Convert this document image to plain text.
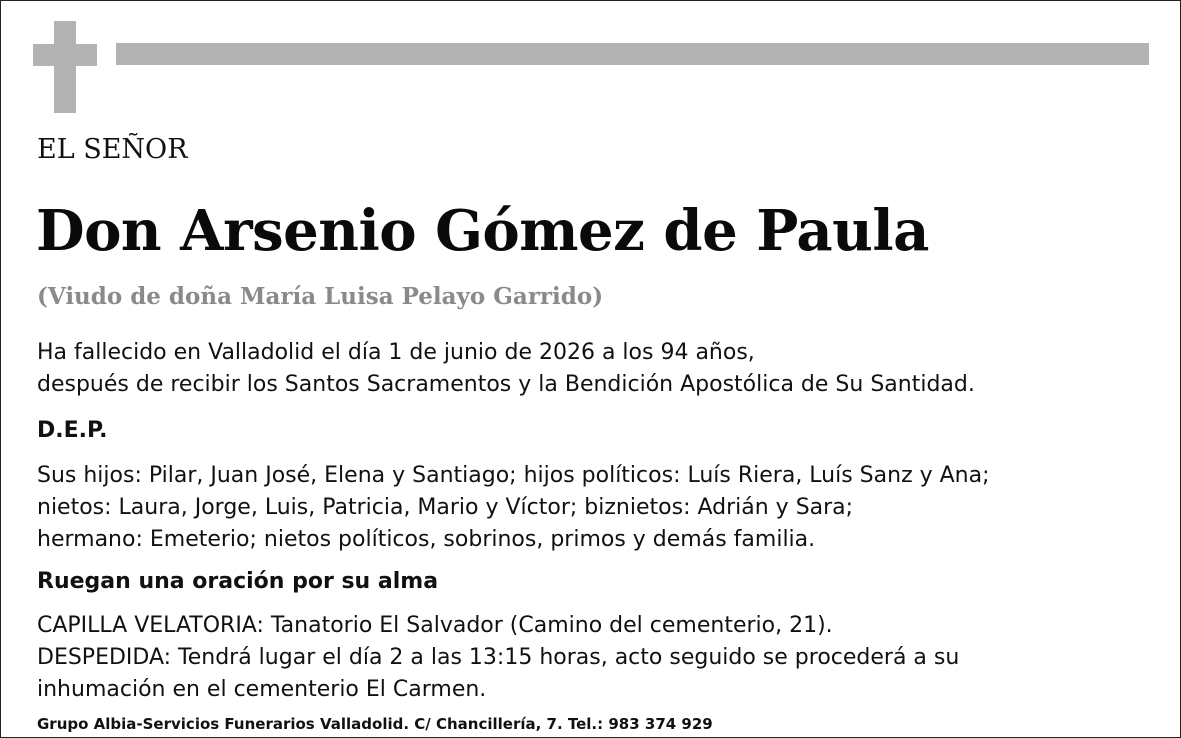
EL SEÑOR
Don Arsenio Gómez de Paula
(Viudo de doña María Luisa Pelayo Garrido)
Ha fallecido en Valladolid el día 1 de junio de 2026 a los 94 años,
después de recibir los Santos Sacramentos y la Bendición Apostólica de Su Santidad.
D.E.P.
Sus hijos: Pilar, Juan José, Elena y Santiago; hijos políticos: Luís Riera, Luís Sanz y Ana;
nietos: Laura, Jorge, Luis, Patricia, Mario y Víctor; biznietos: Adrián y Sara;
hermano: Emeterio; nietos políticos, sobrinos, primos y demás familia.
Ruegan una oración por su alma
CAPILLA VELATORIA: Tanatorio El Salvador (Camino del cementerio, 21).
DESPEDIDA: Tendrá lugar el día 2 a las 13:15 horas, acto seguido se procederá a su
inhumación en el cementerio El Carmen.
Grupo Albia-Servicios Funerarios Valladolid. C/ Chancillería, 7. Tel.: 983 374 929
